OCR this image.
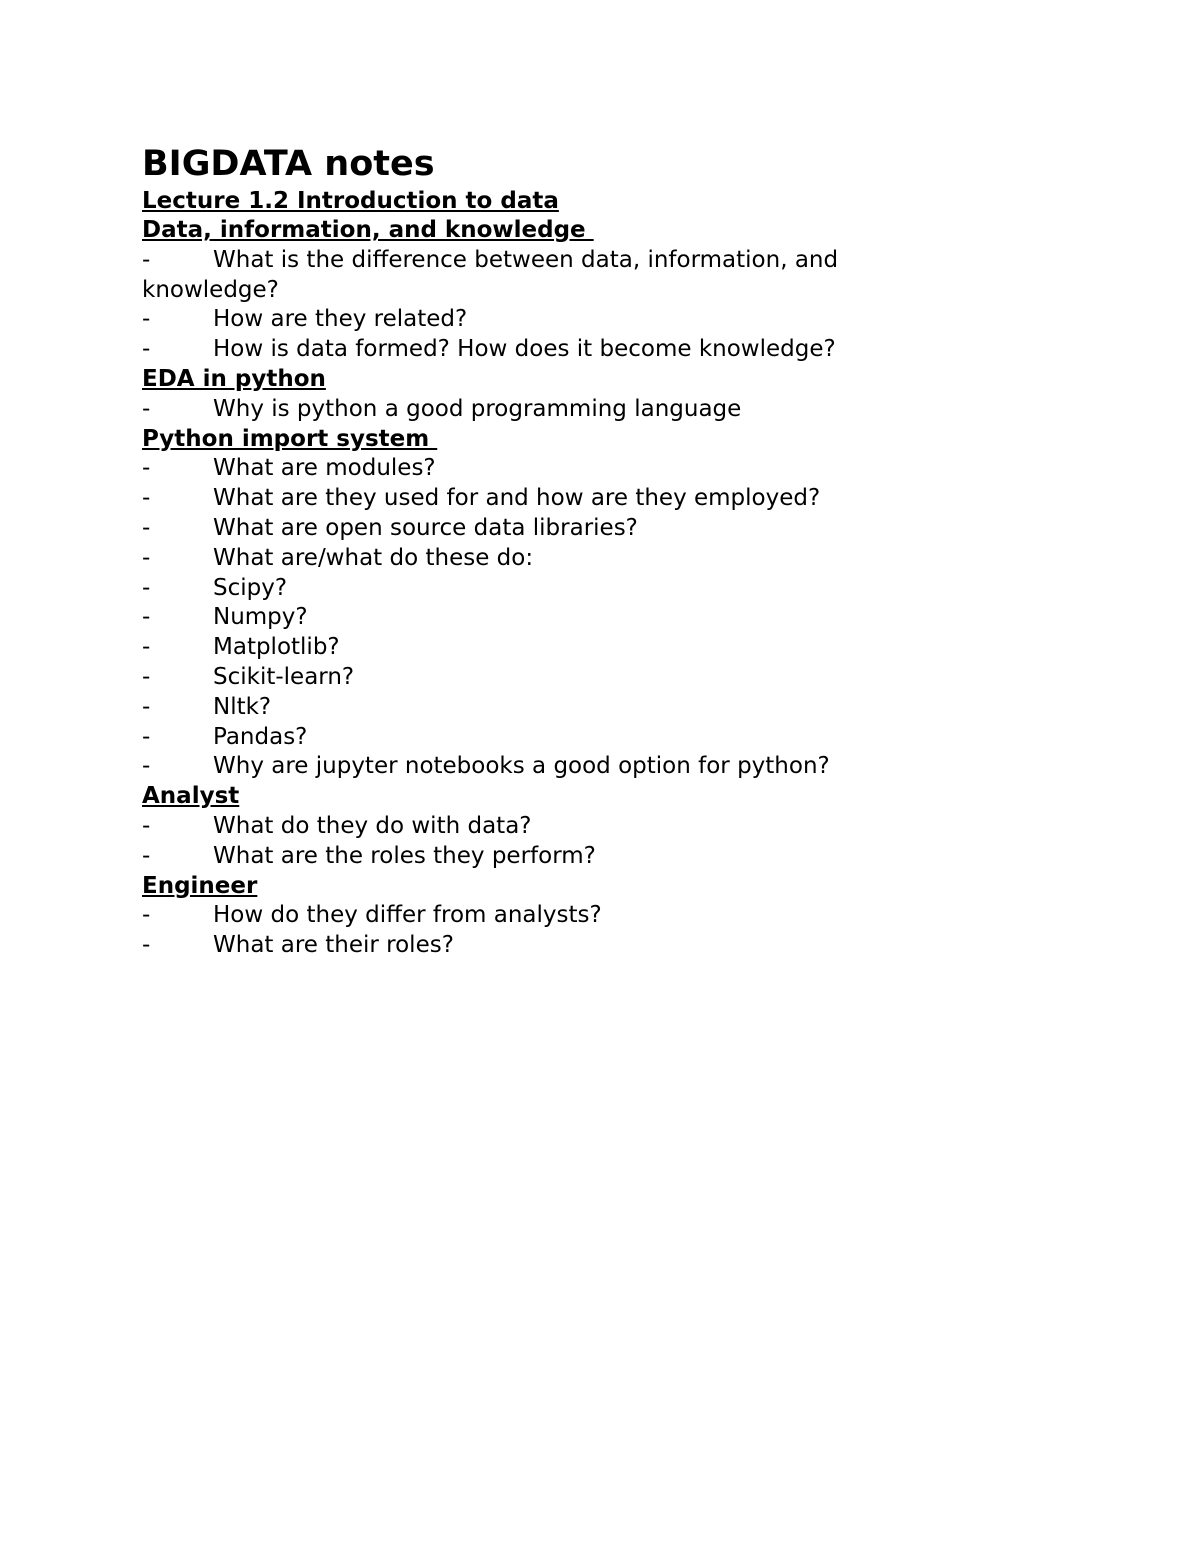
BIGDATA notes
Lecture 1.2 Introduction to data
Data, information, and knowledge
-	What is the difference between data, information, and knowledge?
-	How are they related?
-	How is data formed? How does it become knowledge?
EDA in python
-	Why is python a good programming language
Python import system
-	What are modules?
-	What are they used for and how are they employed?
-	What are open source data libraries?
-	What are/what do these do:
-	Scipy?
-	Numpy?
-	Matplotlib?
-	Scikit-learn?
-	Nltk?
-	Pandas?
-	Why are jupyter notebooks a good option for python?
Analyst
-	What do they do with data?
-	What are the roles they perform?
Engineer
-	How do they differ from analysts?
-	What are their roles?
